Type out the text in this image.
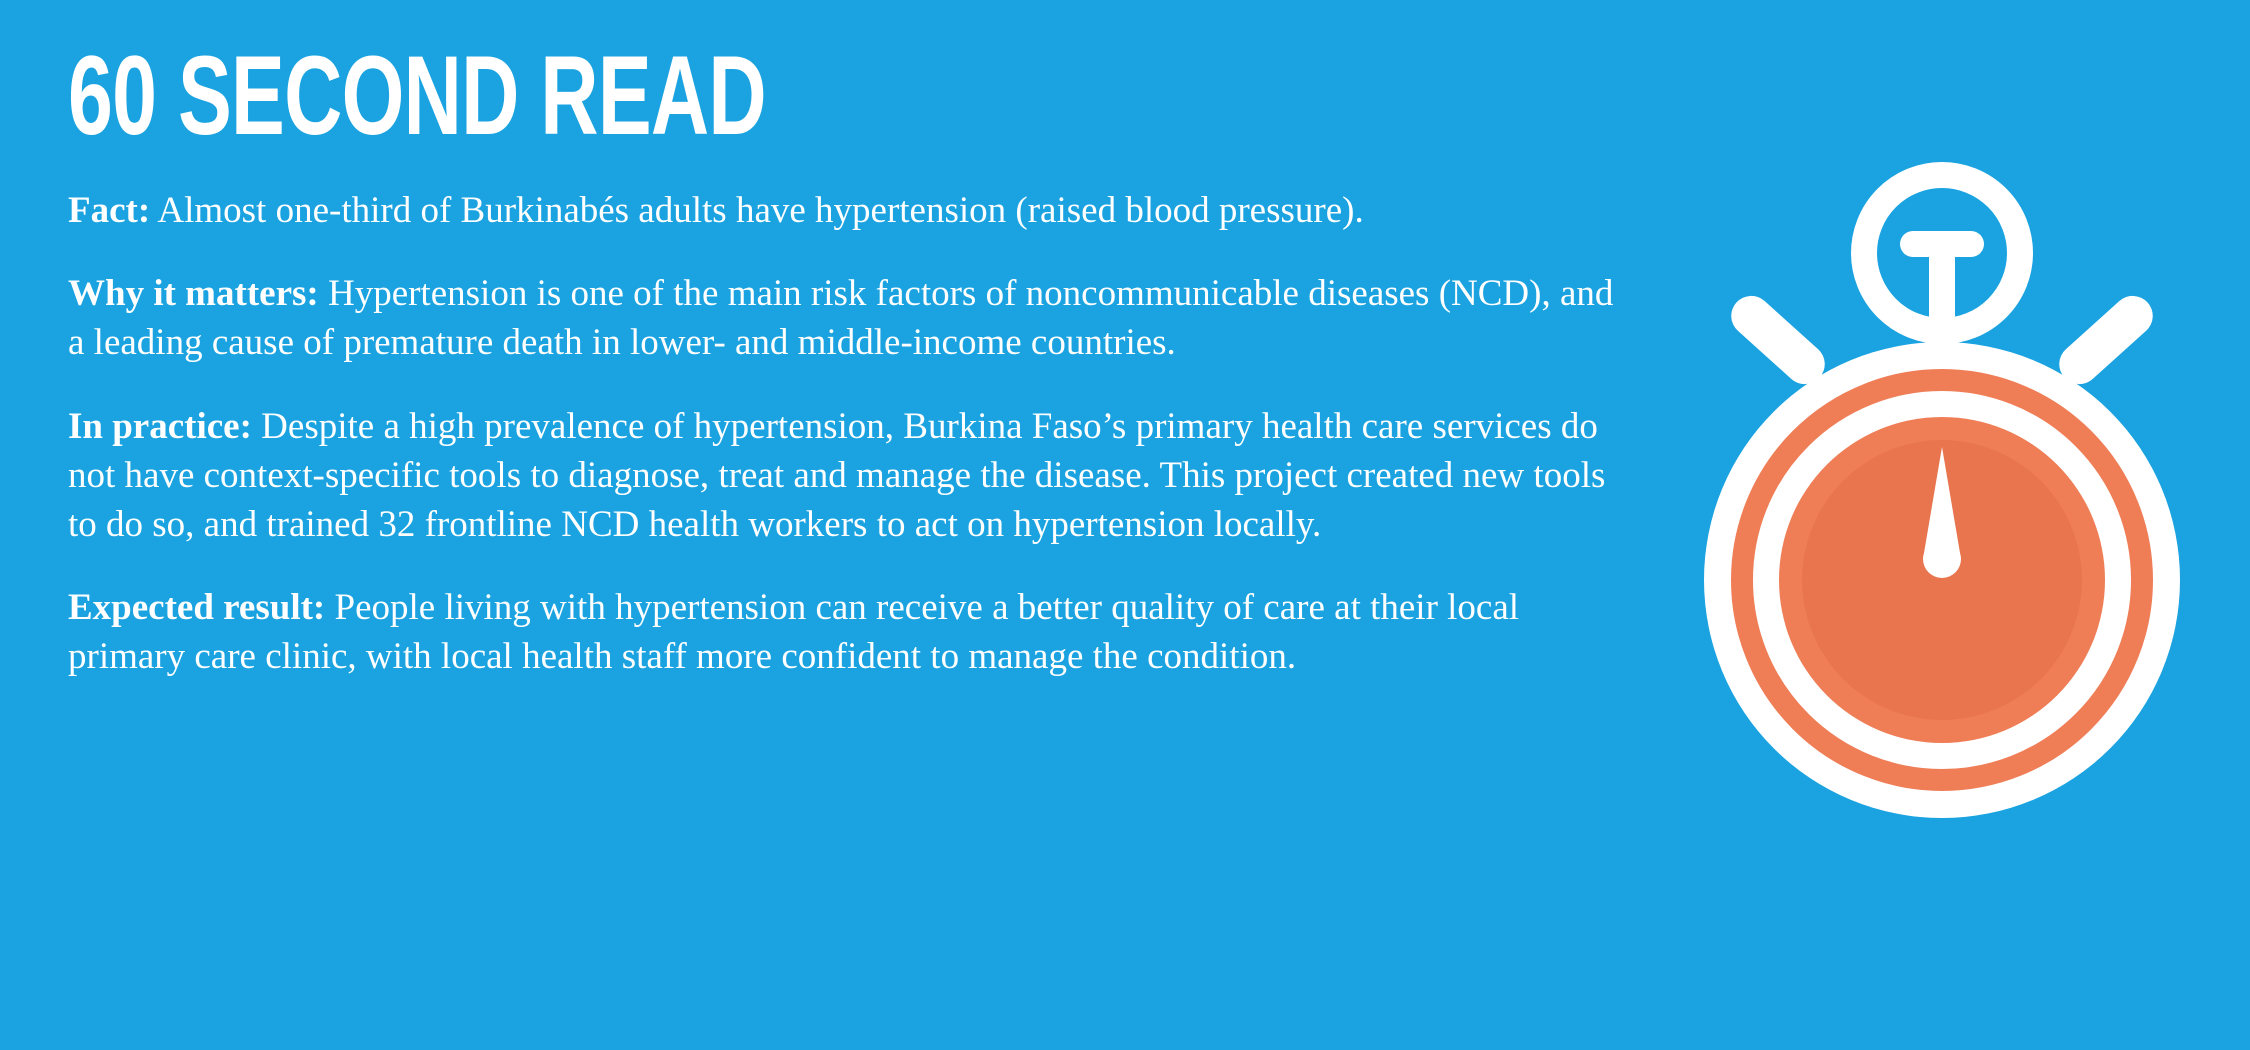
60 SECOND READ

Fact: Almost one-third of Burkinabés adults have hypertension (raised blood pressure).

Why it matters: Hypertension is one of the main risk factors of noncommunicable diseases (NCD), and a leading cause of premature death in lower- and middle-income countries.

In practice: Despite a high prevalence of hypertension, Burkina Faso’s primary health care services do not have context-specific tools to diagnose, treat and manage the disease. This project created new tools to do so, and trained 32 frontline NCD health workers to act on hypertension locally.

Expected result: People living with hypertension can receive a better quality of care at their local primary care clinic, with local health staff more confident to manage the condition.
